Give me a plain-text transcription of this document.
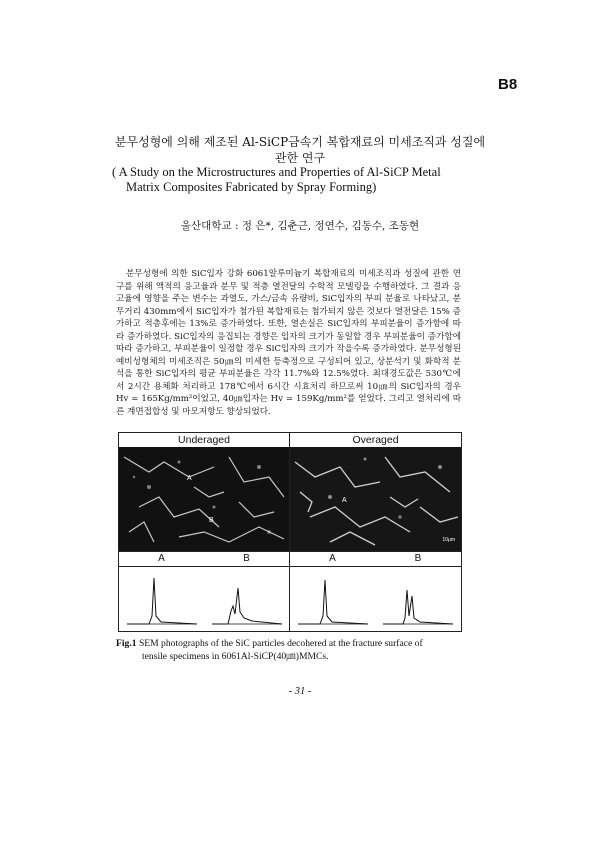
B8
분무성형에 의해 제조된 Al-SiCP금속기 복합재료의 미세조직과 성질에
관한 연구
( A Study on the Microstructures and Properties of Al-SiCP Metal
Matrix Composites Fabricated by Spray Forming)
울산대학교 : 정 은*, 김춘근, 정연수, 김동수, 조동현

분무성형에 의한 SiC입자 강화 6061알루미늄기 복합재료의 미세조직과 성질에 관한 연구를 위해 액적의 응고율과 분무 및 적층 열전달의 수학적 모델링을 수행하였다. 그 결과 응고율에 영향을 주는 변수는 과열도, 가스/금속 유량비, SiC입자의 부피 분율로 나타났고, 분무거리 430mm에서 SiC입자가 첨가된 복합재료는 첨가되지 않은 것보다 열전달은 15% 증가하고 적층후에는 13%로 증가하였다. 또한, 열손실은 SiC입자의 부피분율이 증가함에 따라 증가하였다. SiC입자의 응집되는 경향은 입자의 크기가 동일할 경우 부피분율이 증가함에 따라 증가하고, 부피분율이 일정할 경우 SiC입자의 크기가 작을수록 증가하였다. 분무성형된 예비성형체의 미세조직은 50㎛의 미세한 등축정으로 구성되어 있고, 상분석기 및 화학적 분석을 통한 SiC입자의 평균 부피분율은 각각 11.7%와 12.5%였다. 최대경도값은 530℃에서 2시간 용체화 처리하고 178℃에서 6시간 시효처리 하므로써 10㎛의 SiC입자의 경우 Hv = 165Kg/mm²이었고, 40㎛입자는 Hv = 159Kg/mm²를 얻었다. 그리고 열처리에 따른 계면접합성 및 마모저항도 향상되었다.

Underaged	Overaged
A
B
A
10μm
A	B	A	B
Fig.1 SEM photographs of the SiC particles decohered at the fracture surface of
tensile specimens in 6061Al-SiCP(40㎛)MMCs.
- 31 -
